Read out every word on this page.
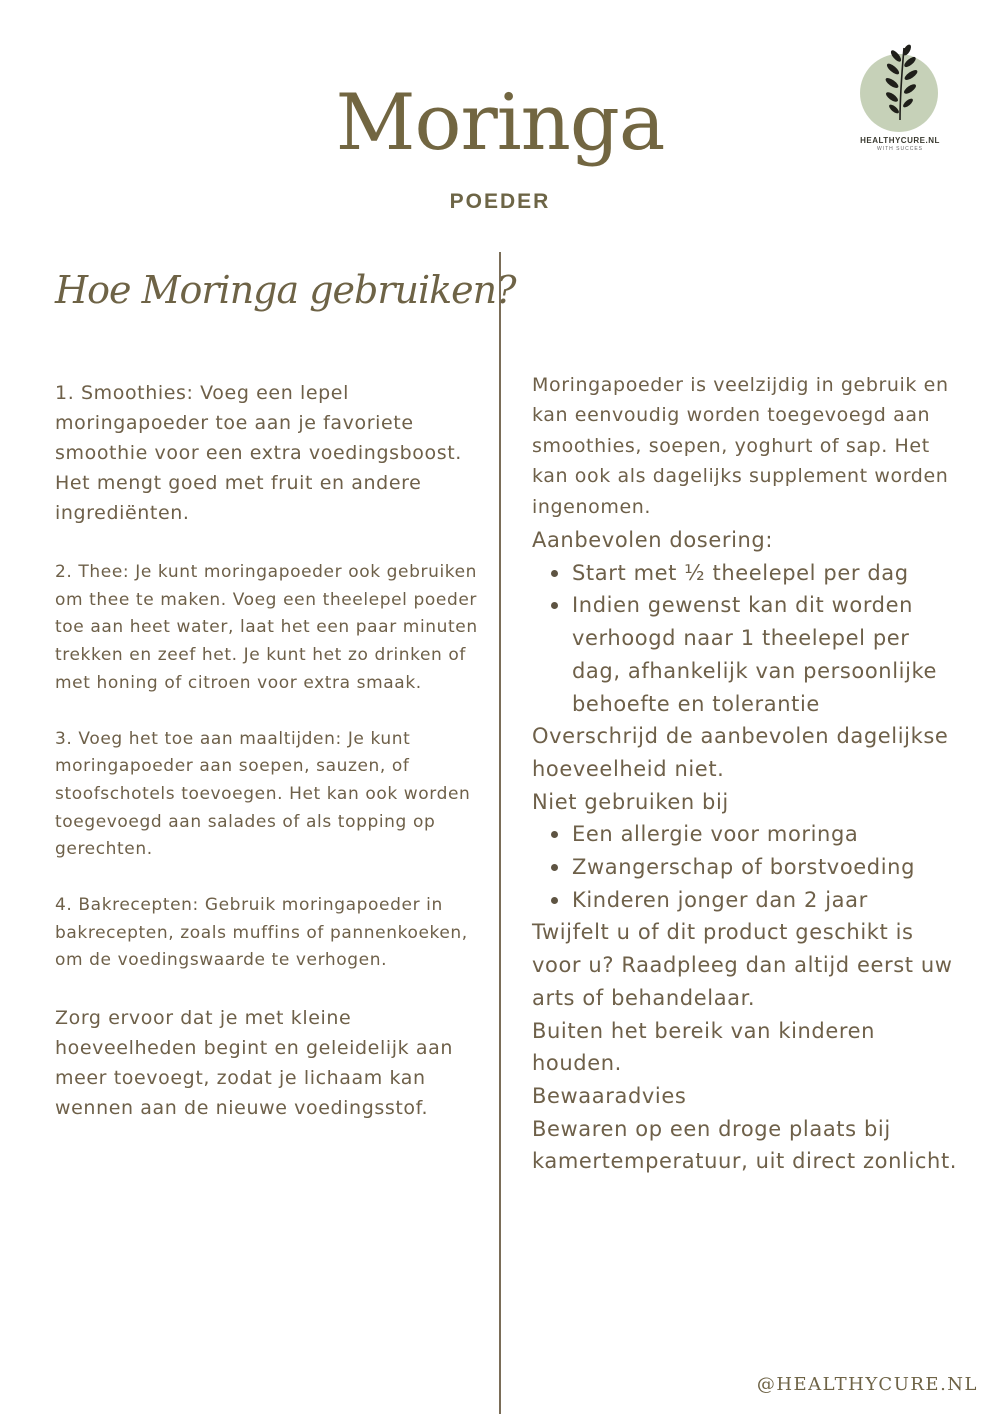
Moringa
POEDER
HEALTHYCURE.NL
WITH SUCCES
Hoe Moringa gebruiken?

1. Smoothies: Voeg een lepel moringapoeder toe aan je favoriete smoothie voor een extra voedingsboost. Het mengt goed met fruit en andere ingrediënten.

2. Thee: Je kunt moringapoeder ook gebruiken om thee te maken. Voeg een theelepel poeder toe aan heet water, laat het een paar minuten trekken en zeef het. Je kunt het zo drinken of met honing of citroen voor extra smaak.

3. Voeg het toe aan maaltijden: Je kunt moringapoeder aan soepen, sauzen, of stoofschotels toevoegen. Het kan ook worden toegevoegd aan salades of als topping op gerechten.

4. Bakrecepten: Gebruik moringapoeder in bakrecepten, zoals muffins of pannenkoeken, om de voedingswaarde te verhogen.

Zorg ervoor dat je met kleine hoeveelheden begint en geleidelijk aan meer toevoegt, zodat je lichaam kan wennen aan de nieuwe voedingsstof.

Moringapoeder is veelzijdig in gebruik en kan eenvoudig worden toegevoegd aan smoothies, soepen, yoghurt of sap. Het kan ook als dagelijks supplement worden ingenomen.

Aanbevolen dosering:

Start met ½ theelepel per dag
Indien gewenst kan dit worden verhoogd naar 1 theelepel per dag, afhankelijk van persoonlijke behoefte en tolerantie

Overschrijd de aanbevolen dagelijkse hoeveelheid niet.

Niet gebruiken bij

Een allergie voor moringa
Zwangerschap of borstvoeding
Kinderen jonger dan 2 jaar

Twijfelt u of dit product geschikt is voor u? Raadpleeg dan altijd eerst uw arts of behandelaar.

Buiten het bereik van kinderen houden.

Bewaaradvies

Bewaren op een droge plaats bij kamertemperatuur, uit direct zonlicht.

@HEALTHYCURE.NL
